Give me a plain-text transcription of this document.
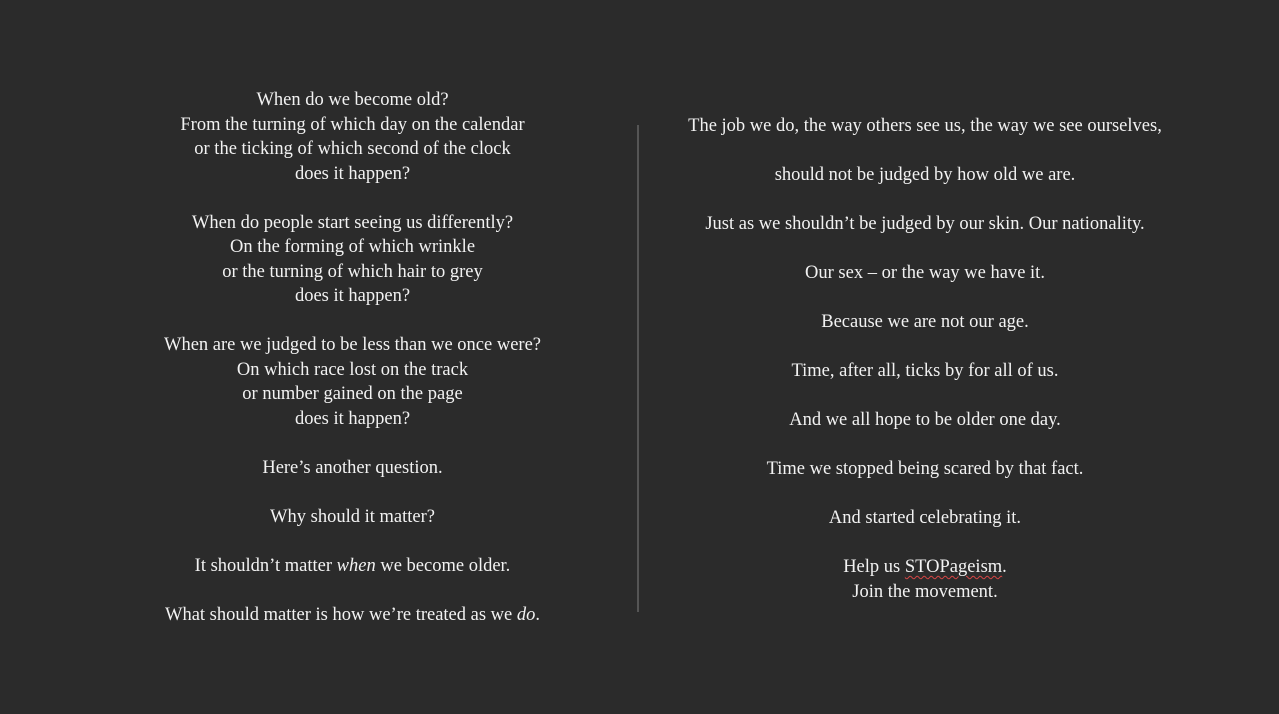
When do we become old?
From the turning of which day on the calendar
or the ticking of which second of the clock
does it happen?
When do people start seeing us differently?
On the forming of which wrinkle
or the turning of which hair to grey
does it happen?
When are we judged to be less than we once were?
On which race lost on the track
or number gained on the page
does it happen?
Here’s another question.
Why should it matter?
It shouldn’t matter when we become older.
What should matter is how we’re treated as we do.
The job we do, the way others see us, the way we see ourselves,
should not be judged by how old we are.
Just as we shouldn’t be judged by our skin. Our nationality.
Our sex – or the way we have it.
Because we are not our age.
Time, after all, ticks by for all of us.
And we all hope to be older one day.
Time we stopped being scared by that fact.
And started celebrating it.
Help us STOPageism.
Join the movement.
